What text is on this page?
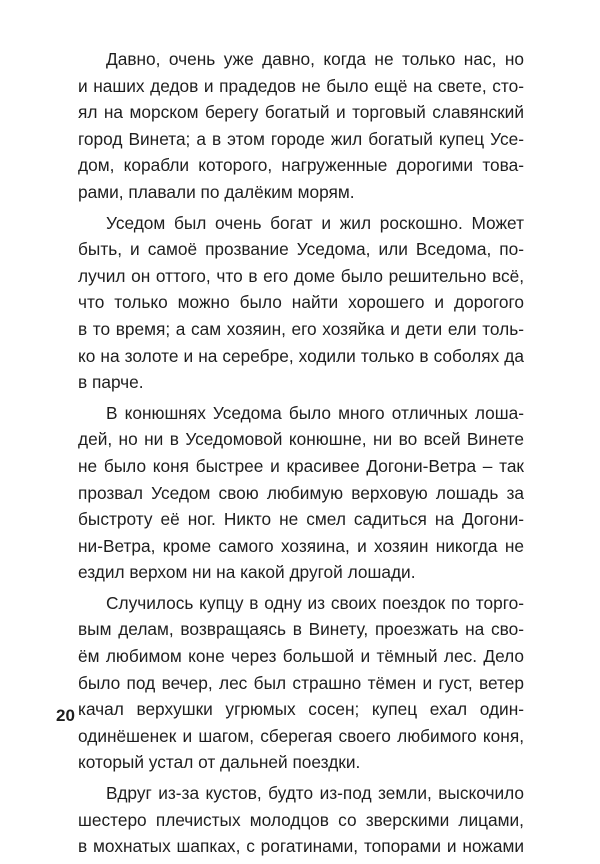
Давно, очень уже давно, когда не только нас, но
и наших дедов и прадедов не было ещё на свете, сто-
ял на морском берегу богатый и торговый славянский
город Винета; а в этом городе жил богатый купец Усе-
дом, корабли которого, нагруженные дорогими това-
рами, плавали по далёким морям.
Уседом был очень богат и жил роскошно. Может
быть, и самоё прозвание Уседома, или Вседома, по-
лучил он оттого, что в его доме было решительно всё,
что только можно было найти хорошего и дорогого
в то время; а сам хозяин, его хозяйка и дети ели толь-
ко на золоте и на серебре, ходили только в соболях да
в парче.
В конюшнях Уседома было много отличных лоша-
дей, но ни в Уседомовой конюшне, ни во всей Винете
не было коня быстрее и красивее Догони-Ветра – так
прозвал Уседом свою любимую верховую лошадь за
быстроту её ног. Никто не смел садиться на Догони-
ни-Ветра, кроме самого хозяина, и хозяин никогда не
ездил верхом ни на какой другой лошади.
Случилось купцу в одну из своих поездок по торго-
вым делам, возвращаясь в Винету, проезжать на сво-
ём любимом коне через большой и тёмный лес. Дело
было под вечер, лес был страшно тёмен и густ, ветер
качал верхушки угрюмых сосен; купец ехал один-
одинёшенек и шагом, сберегая своего любимого коня,
который устал от дальней поездки.
Вдруг из-за кустов, будто из-под земли, выскочило
шестеро плечистых молодцов со зверскими лицами,
в мохнатых шапках, с рогатинами, топорами и ножами
20
